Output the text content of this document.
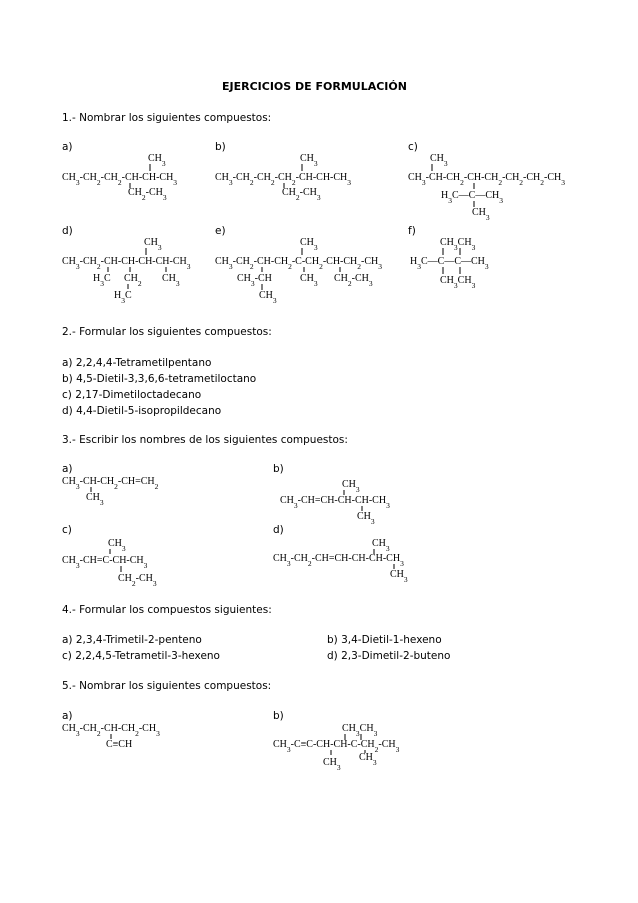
EJERCICIOS DE FORMULACIÓN
1.- Nombrar los siguientes compuestos:
a)	b)	c)
d)	e)	f)
2.- Formular los siguientes compuestos:
a) 2,2,4,4-Tetrametilpentano
b) 4,5-Dietil-3,3,6,6-tetrametiloctano
c) 2,17-Dimetiloctadecano
d) 4,4-Dietil-5-isopropildecano
3.- Escribir los nombres de los siguientes compuestos:
a)	b)
c)	d)
4.- Formular los compuestos siguientes:
a) 2,3,4-Trimetil-2-penteno	b) 3,4-Dietil-1-hexeno
c) 2,2,4,5-Tetrametil-3-hexeno	d) 2,3-Dimetil-2-buteno
5.- Nombrar los siguientes compuestos:
a)	b)
$CH_3$
$CH_3-CH_2-CH_2-CH-CH-CH_3$
$CH_2-CH_3$
$CH_3$
$CH_3-CH_2-CH_2-CH_2-CH-CH-CH_3$
$CH_2-CH_3$
$CH_3$
$CH_3-CH-CH_2-CH-CH_2-CH_2-CH_2-CH_3$
$H_3C—C—CH_3$
$CH_3$
$CH_3$
$CH_3-CH_2-CH-CH-CH-CH-CH_3$
$H_3C$ $CH_2$ $CH_3$
$H_3C$
$CH_3$
$CH_3-CH_2-CH-CH_2-C-CH_2-CH-CH_2-CH_3$
$CH_3-CH$	$CH_3$ $CH_2-CH_3$
$CH_3$
$CH_3CH_3$
$H_3C—C—C—CH_3$
$CH_3CH_3$
$CH_3-CH-CH_2-CH=CH_2$
$CH_3$
$CH_3$
$CH_3-CH=CH-CH-CH-CH_3$
$CH_3$
$CH_3$
$CH_3-CH=C-CH-CH_3$
$CH_2-CH_3$
$CH_3$
$CH_3-CH_2-CH=CH-CH-CH-CH_3$
$CH_3$
$CH_3-CH_2-CH-CH_2-CH_3$
C≡CH
$CH_3CH_3$
$CH_3-C\equiv C-CH-CH-C-CH_2-CH_3$
$CH_3$
$CH_3$
